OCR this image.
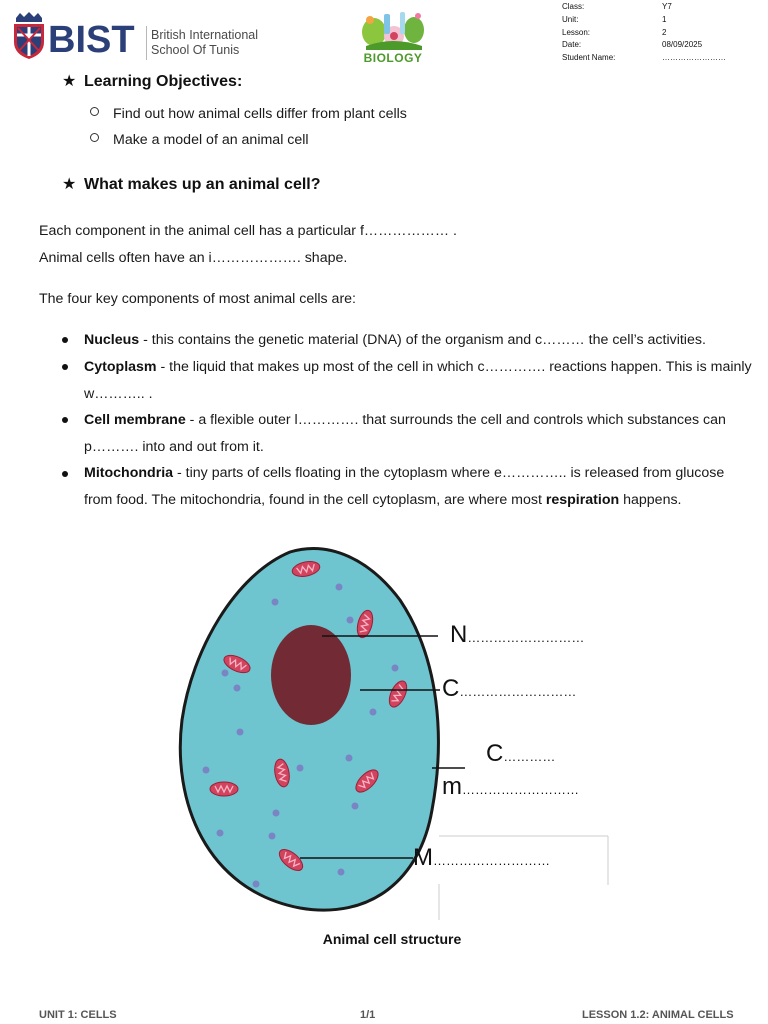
BIST British International
School Of Tunis
BIOLOGY
Class:	Y7
Unit:	1
Lesson:	2
Date:	08/09/2025
Student Name:	……………………
★ Learning Objectives:
Find out how animal cells differ from plant cells
Make a model of an animal cell
★ What makes up an animal cell?
Each component in the animal cell has a particular f……………… .
Animal cells often have an i………………. shape.
The four key components of most animal cells are:
Nucleus - this contains the genetic material (DNA) of the organism and c……… the cell’s activities.
Cytoplasm - the liquid that makes up most of the cell in which c…………. reactions happen. This is mainly w……….. .
Cell membrane - a flexible outer l…………. that surrounds the cell and controls which substances can p………. into and out from it.
Mitochondria - tiny parts of cells floating in the cytoplasm where e………….. is released from glucose from food. The mitochondria, found in the cell cytoplasm, are where most respiration happens.
N………………………
C………………………
C…………
m………………………
M………………………
Animal cell structure
UNIT 1: CELLS	1/1	LESSON 1.2: ANIMAL CELLS
